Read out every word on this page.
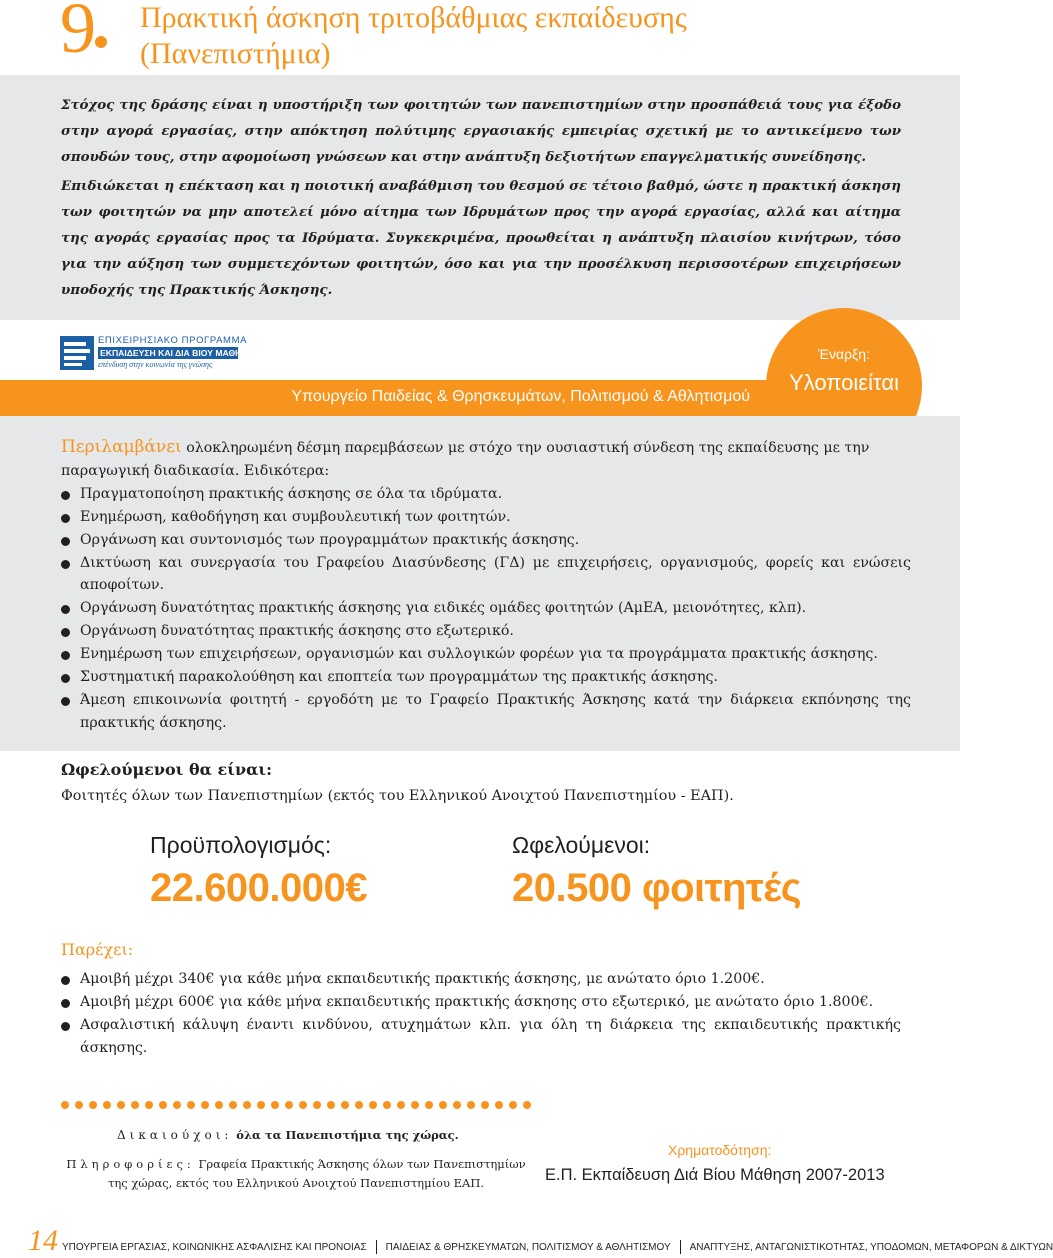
9 Πρακτική άσκηση τριτοβάθμιας εκπαίδευσης
(Πανεπιστήμια)

Στόχος της δράσης είναι η υποστήριξη των φοιτητών των πανεπιστημίων στην προσπάθειά τους για έξοδο στην αγορά εργασίας, στην απόκτηση πολύτιμης εργασιακής εμπειρίας σχετική με το αντικείμενο των σπουδών τους, στην αφομοίωση γνώσεων και στην ανάπτυξη δεξιοτήτων επαγγελματικής συνείδησης.

Επιδιώκεται η επέκταση και η ποιοτική αναβάθμιση του θεσμού σε τέτοιο βαθμό, ώστε η πρακτική άσκηση των φοιτητών να μην αποτελεί μόνο αίτημα των Ιδρυμάτων προς την αγορά εργασίας, αλλά και αίτημα της αγοράς εργασίας προς τα Ιδρύματα. Συγκεκριμένα, προωθείται η ανάπτυξη πλαισίου κινήτρων, τόσο για την αύξηση των συμμετεχόντων φοιτητών, όσο και για την προσέλκυση περισσοτέρων επιχειρήσεων υποδοχής της Πρακτικής Άσκησης.

ΕΠΙΧΕΙΡΗΣΙΑΚΟ ΠΡΟΓΡΑΜΜΑ
ΕΚΠΑΙΔΕΥΣΗ ΚΑΙ ΔΙΑ ΒΙΟΥ ΜΑΘΗΣΗ
επένδυση στην κοινωνία της γνώσης
Υπουργείο Παιδείας & Θρησκευμάτων, Πολιτισμού & Αθλητισμού
Έναρξη:
Υλοποιείται
Περιλαμβάνει ολοκληρωμένη δέσμη παρεμβάσεων με στόχο την ουσιαστική σύνδεση της εκπαίδευσης με την παραγωγική διαδικασία. Ειδικότερα:
Πραγματοποίηση πρακτικής άσκησης σε όλα τα ιδρύματα.
Ενημέρωση, καθοδήγηση και συμβουλευτική των φοιτητών.
Οργάνωση και συντονισμός των προγραμμάτων πρακτικής άσκησης.
Δικτύωση και συνεργασία του Γραφείου Διασύνδεσης (ΓΔ) με επιχειρήσεις, οργανισμούς, φορείς και ενώσεις αποφοίτων.
Οργάνωση δυνατότητας πρακτικής άσκησης για ειδικές ομάδες φοιτητών (ΑμΕΑ, μειονότητες, κλπ).
Οργάνωση δυνατότητας πρακτικής άσκησης στο εξωτερικό.
Ενημέρωση των επιχειρήσεων, οργανισμών και συλλογικών φορέων για τα προγράμματα πρακτικής άσκησης.
Συστηματική παρακολούθηση και εποπτεία των προγραμμάτων της πρακτικής άσκησης.
Άμεση επικοινωνία φοιτητή - εργοδότη με το Γραφείο Πρακτικής Άσκησης κατά την διάρκεια εκπόνησης της πρακτικής άσκησης.
Ωφελούμενοι θα είναι:
Φοιτητές όλων των Πανεπιστημίων (εκτός του Ελληνικού Ανοιχτού Πανεπιστημίου - ΕΑΠ).
Προϋπολογισμός:
22.600.000€
Ωφελούμενοι:
20.500 φοιτητές
Παρέχει:
Αμοιβή μέχρι 340€ για κάθε μήνα εκπαιδευτικής πρακτικής άσκησης, με ανώτατο όριο 1.200€.
Αμοιβή μέχρι 600€ για κάθε μήνα εκπαιδευτικής πρακτικής άσκησης στο εξωτερικό, με ανώτατο όριο 1.800€.
Ασφαλιστική κάλυψη έναντι κινδύνου, ατυχημάτων κλπ. για όλη τη διάρκεια της εκπαιδευτικής πρακτικής άσκησης.
Δικαιούχοι: όλα τα Πανεπιστήμια της χώρας.
Πληροφορίες: Γραφεία Πρακτικής Άσκησης όλων των Πανεπιστημίων της χώρας, εκτός του Ελληνικού Ανοιχτού Πανεπιστημίου ΕΑΠ.
Χρηματοδότηση:
Ε.Π. Εκπαίδευση Διά Βίου Μάθηση 2007-2013
14 ΥΠΟΥΡΓΕΙΑ ΕΡΓΑΣΙΑΣ, ΚΟΙΝΩΝΙΚΗΣ ΑΣΦΑΛΙΣΗΣ ΚΑΙ ΠΡΟΝΟΙΑΣ ΠΑΙΔΕΙΑΣ & ΘΡΗΣΚΕΥΜΑΤΩΝ, ΠΟΛΙΤΙΣΜΟΥ & ΑΘΛΗΤΙΣΜΟΥ ΑΝΑΠΤΥΞΗΣ, ΑΝΤΑΓΩΝΙΣΤΙΚΟΤΗΤΑΣ, ΥΠΟΔΟΜΩΝ, ΜΕΤΑΦΟΡΩΝ & ΔΙΚΤΥΩΝ
